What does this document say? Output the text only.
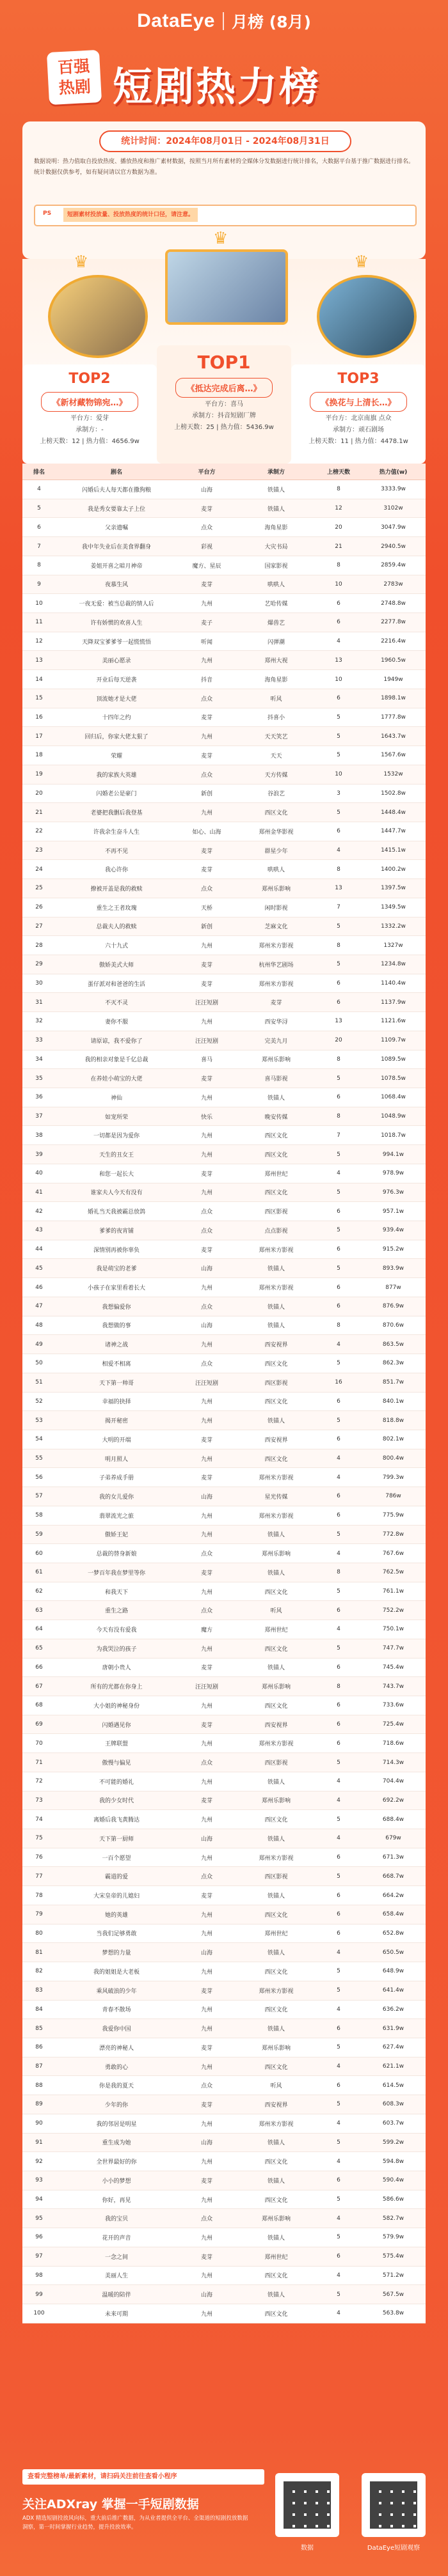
DataEye 月榜 (8月)
百强
热剧 短剧热力榜
统计时间：2024年08月01日 - 2024年08月31日
数据说明：热力值取自投放热度、播放热度和推广素材数据，按照当月所有素材的全媒体分发数据进行统计排名，大数据平台基于推广数据进行排名。统计数据仅供参考，如有疑问请以官方数据为准。
PS	短剧素材投放量、投放热度的统计口径，请注意。
TOP2
《新材藏物锦宛…》
平台方：爱芽
承制方：-
上榜天数：12 | 热力值：4656.9w
TOP1
《抵达完成后离…》
平台方：喜马
承制方：抖音短剧厂牌
上榜天数：25 | 热力值：5436.9w
TOP3
《换花与上清长…》
平台方：北京南旗 点众
承制方：顽石剧场
上榜天数：11 | 热力值：4478.1w
♛
♛
♛
排名	剧名	平台方	承制方	上榜天数	热力值(w)
4	闪婚后夫人每天都在撒狗粮	山海	铁锚人	8	3333.9w
5	我是秀女要靠太子上位	麦芽	铁锚人	12	3102w
6	父亲遗嘱	点众	海角星影	20	3047.9w
7	我中年失业后在美食界翻身	彩视	大灾书局	21	2940.5w
8	姜姐开喜之暗月神帝	魔方、星辰	国家影视	8	2859.4w
9	夜慕生风	麦芽	哄哄人	10	2783w
10	一夜无爱：被当总裁的情人后	九州	艺哈传媒	6	2748.8w
11	许有娇惯的欢喜人生	麦子	爆兽艺	6	2277.8w
12	天降双宝爹爹爷一起慌慌悟	听闻	闪弹潮	4	2216.4w
13	美丽心愿录	九州	郑州大视	13	1960.5w
14	开业后每天逆袭	抖音	海角星影	10	1949w
15	顶流她才是大佬	点众	听风	6	1898.1w
16	十四年之约	麦芽	抖喜小	5	1777.8w
17	回归后，你家大佬太狠了	九州	天天笑艺	5	1643.7w
18	荣耀	麦芽	天天	5	1567.6w
19	我的家族大英雄	点众	天方传媒	10	1532w
20	闪婚老公是豪门	新创	谷浪艺	3	1502.8w
21	老婆把我删后我登基	九州	西区文化	5	1448.4w
22	许我余生奋斗人生	如心、山海	郑州金华影视	6	1447.7w
23	不再不见	麦芽	群星少年	4	1415.1w
24	我心许你	麦芽	哄哄人	8	1400.2w
25	撩被开盖是我的救赎	点众	郑州乐影响	13	1397.5w
26	重生之王者玫瑰	天桥	闲时影视	7	1349.5w
27	总裁夫人的救赎	新创	芝麻文化	5	1332.2w
28	六十九式	九州	郑州米方影视	8	1327w
29	傲娇美式大师	麦芽	杭州华艺剧场	5	1234.8w
30	蛋仔派对和爸爸的生活	麦芽	郑州米方影视	6	1140.4w
31	不灭不灵	汪汪短剧	麦芽	6	1137.9w
32	妻你不服	九州	西安华浔	13	1121.6w
33	请原谅，我不爱你了	汪汪短剧	完美九月	20	1109.7w
34	我的相亲对象是千亿总裁	喜马	郑州乐影响	8	1089.5w
35	在养娃小萌宝的大佬	麦芽	喜马影视	5	1078.5w
36	神仙	九州	铁锚人	6	1068.4w
37	如宠所荣	快乐	晚安传媒	8	1048.9w
38	一切都是因为爱你	九州	西区文化	7	1018.7w
39	天生的丑女王	九州	西区文化	5	994.1w
40	和您一起长大	麦芽	郑州世纪	4	978.9w
41	谁家夫人今天有没有	九州	西区文化	5	976.3w
42	婚礼当天我被霸总放鸽	点众	西区影视	6	957.1w
43	爹爹的夜宵铺	点众	点点影视	5	939.4w
44	深情别再被你辜负	麦芽	郑州米方影视	6	915.2w
45	我是萌宝的老爹	山海	铁锚人	5	893.9w
46	小孩子在家里看着长大	九州	郑州米方影视	6	877w
47	我想偏爱你	点众	铁锚人	6	876.9w
48	我想做的事	山海	铁锚人	8	870.6w
49	诸神之战	九州	西安视界	4	863.5w
50	相爱不相离	点众	西区文化	5	862.3w
51	天下第一帅哥	汪汪短剧	西区影视	16	851.7w
52	幸福的抉择	九州	西区文化	6	840.1w
53	揭开秘密	九州	铁锚人	5	818.8w
54	大明的开端	麦芽	西安视界	6	802.1w
55	明月照人	九州	西区文化	4	800.4w
56	子弟养成手册	麦芽	郑州米方影视	4	799.3w
57	我的女儿爱你	山海	星光传媒	6	786w
58	翡翠流光之旅	九州	郑州米方影视	6	775.9w
59	傲娇王妃	九州	铁锚人	5	772.8w
60	总裁的替身新娘	点众	郑州乐影响	4	767.6w
61	一梦百年我在梦里等你	麦芽	铁锚人	8	762.5w
62	和我天下	九州	西区文化	5	761.1w
63	重生之路	点众	听风	6	752.2w
64	今天有没有爱我	魔方	郑州世纪	4	750.1w
65	为我哭泣的孩子	九州	西区文化	5	747.7w
66	唐朝小贵人	麦芽	铁锚人	6	745.4w
67	所有的光都在你身上	汪汪短剧	郑州乐影响	8	743.7w
68	大小姐的神秘身份	九州	西区文化	6	733.6w
69	闪婚遇见你	麦芽	西安视界	6	725.4w
70	王牌联盟	九州	郑州米方影视	6	718.6w
71	傲慢与偏见	点众	西区影视	5	714.3w
72	不可能的婚礼	九州	铁锚人	4	704.4w
73	我的少女时代	麦芽	郑州乐影响	4	692.2w
74	离婚后我飞黄腾达	九州	西区文化	5	688.4w
75	天下第一厨师	山海	铁锚人	4	679w
76	一百个愿望	九州	郑州米方影视	6	671.3w
77	霸道的爱	点众	西区影视	5	668.7w
78	大宋皇帝的儿媳妇	麦芽	铁锚人	6	664.2w
79	她的英雄	九州	西区文化	6	658.4w
80	当我们足够勇敢	九州	郑州世纪	6	652.8w
81	梦想的力量	山海	铁锚人	4	650.5w
82	我的姐姐是大老板	九州	西区文化	5	648.9w
83	乘风破浪的少年	麦芽	郑州米方影视	5	641.4w
84	青春不散场	九州	西区文化	4	636.2w
85	我爱你中国	九州	铁锚人	6	631.9w
86	漂亮的神秘人	麦芽	郑州乐影响	5	627.4w
87	勇敢的心	九州	西区文化	4	621.1w
88	你是我的夏天	点众	听风	6	614.5w
89	少年的你	麦芽	西安视界	5	608.3w
90	我的邻居是明星	九州	郑州米方影视	4	603.7w
91	重生成为她	山海	铁锚人	5	599.2w
92	全世界最好的你	九州	西区文化	4	594.8w
93	小小的梦想	麦芽	铁锚人	6	590.4w
94	你好，再见	九州	西区文化	5	586.6w
95	我的宝贝	点众	郑州乐影响	4	582.7w
96	花开的声音	九州	铁锚人	5	579.9w
97	一念之间	麦芽	郑州世纪	6	575.4w
98	美丽人生	九州	西区文化	4	571.2w
99	温暖的陪伴	山海	铁锚人	5	567.5w
100	未来可期	九州	西区文化	4	563.8w
查看完整榜单/最新素材，请扫码关注前往查看小程序
关注ADXray 掌握一手短剧数据
ADX 精选短剧投放风向标，重大前后推广数据，为从业者提供全平台、全渠道的短剧投放数据洞察，第一时间掌握行业趋势，提升投放效率。
数据	DataEye短剧观察
